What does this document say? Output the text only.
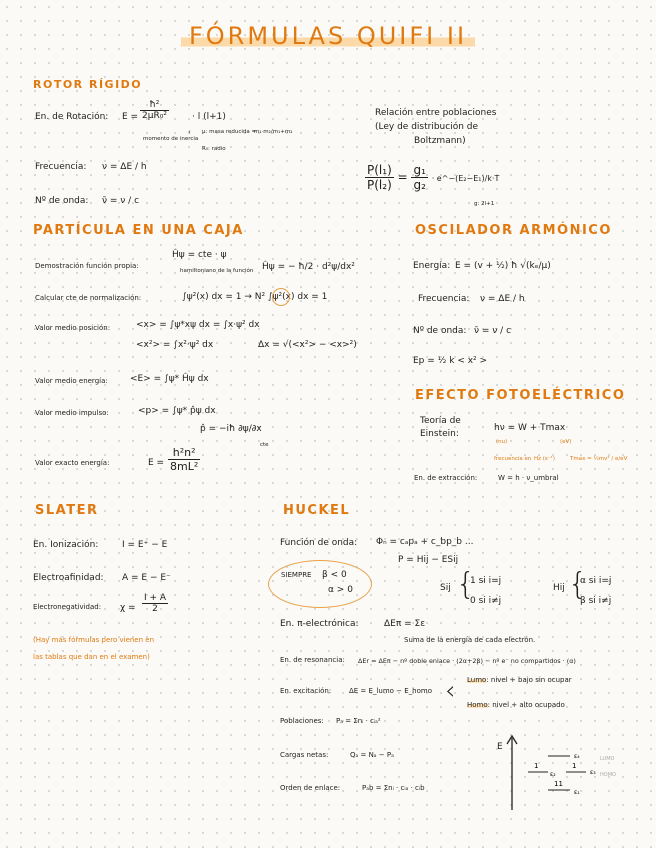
FÓRMULAS QUIFI II
ROTOR RÍGIDO
En. de Rotación: $E = \frac{\text{ħ²}}{\text{2μR₀²}}$	· l (l+1)
momento de inercia
‹ μ: masa reducida =
m₁·m₂/m₁+m₂
R₀: radio
Frecuencia: ν = ΔE / h
Nº de onda: ν̄ = ν / c
Relación entre poblaciones
(Ley de distribución de
Boltzmann)
$\frac{\text{P(l₁)}}{\text{P(l₂)}} = \frac{\text{g₁}}{\text{g₂}}$ · e^−(E₂−E₁)/k·T
g: 2l+1
PARTÍCULA EN UNA CAJA
Demostración función propia:
Ĥψ = cte · ψ
hamiltoniano de la función Ĥψ = − ħ/2 · d²ψ/dx²
Calcular cte de normalización:	∫ψ²(x) dx = 1 → N² ∫ψ²(x) dx = 1
Valor medio posición:	<x> = ∫ψ*xψ dx = ∫x·ψ² dx
<x²> = ∫x²·ψ² dx	Δx = √(<x²> − <x>²)
Valor medio energía: <E> = ∫ψ* Ĥψ dx
Valor medio impulso:	<p> = ∫ψ* p̂ψ dx
p̂ = −iħ ∂ψ/∂x
cte
Valor exacto energía:	$E = \frac{\text{h²n²}}{\text{8mL²}}$
OSCILADOR ARMÓNICO
Energía: E = (v + ½) ħ √(kₑ/μ)
Frecuencia: ν = ΔE / h
Nº de onda: ν̄ = ν / c
Ep = ½ k < x² >
EFECTO FOTOELÉCTRICO
Teoría de
Einstein:
hν = W + Tmax
(nu)	(eV)
frecuencia en Hz (s⁻¹)	Tmax = ½mv² / e/eV
En. de extracción:	W = h · ν_umbral
SLATER
En. Ionización:	I = E⁺ − E
Electroafinidad: A = E − E⁻
Electronegatividad: $\chi = \frac{I + A}{2}$
(Hay más fórmulas pero vienen en
las tablas que dan en el examen)
HUCKEL
Función de onda: Φₙ = cₐpₐ + c_bp_b ...
P = Hij − ESij
SIEMPRE β < 0
α > 0	Sij {
1 si i=j
0 si i≠j
Hij {
α si i=j
β si i≠j
En. π-electrónica:	ΔEπ = Σε
Suma de la energía de cada electrón.
En. de resonancia: ΔEr = ΔEπ − nº doble enlace · (2α+2β) − nº e⁻ no compartidos · (α)
En. excitación:	ΔE = E_lumo − E_homo ‹ Lumo: nivel + bajo sin ocupar
Homo: nivel + alto ocupado
Poblaciones: Pₐ = Σnᵢ · cᵢₐ²
Cargas netas:	Qₐ = Nₐ − Pₐ
Orden de enlace:	Pₐb = Σnᵢ · cᵢₐ · cᵢb
1	1
11
ε₄
ε₃
ε₂
ε₁
LUMO
HOMO
E
